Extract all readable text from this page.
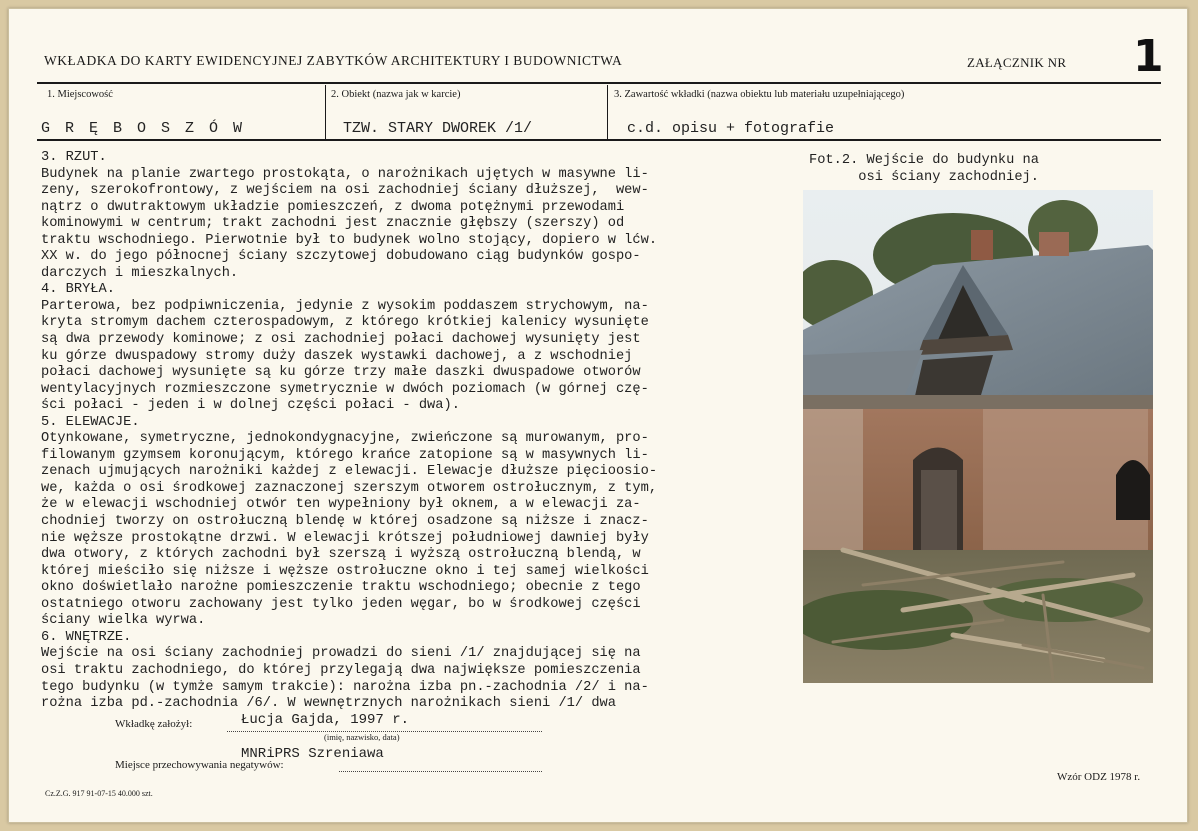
WKŁADKA DO KARTY EWIDENCYJNEJ ZABYTKÓW ARCHITEKTURY I BUDOWNICTWA	ZAŁĄCZNIK NR 1
1. Miejscowość
G R Ę B O S Z Ó W
2. Obiekt (nazwa jak w karcie)
TZW. STARY DWOREK /1/
3. Zawartość wkładki (nazwa obiektu lub materiału uzupełniającego)
c.d. opisu + fotografie
3. RZUT.
Budynek na planie zwartego prostokąta, o narożnikach ujętych w masywne li-
zeny, szerokofrontowy, z wejściem na osi zachodniej ściany dłuższej,  wew-
nątrz o dwutraktowym układzie pomieszczeń, z dwoma potężnymi przewodami
kominowymi w centrum; trakt zachodni jest znacznie głębszy (szerszy) od
traktu wschodniego. Pierwotnie był to budynek wolno stojący, dopiero w lćw.
XX w. do jego północnej ściany szczytowej dobudowano ciąg budynków gospo-
darczych i mieszkalnych.
4. BRYŁA.
Parterowa, bez podpiwniczenia, jedynie z wysokim poddaszem strychowym, na-
kryta stromym dachem czterospadowym, z którego krótkiej kalenicy wysunięte
są dwa przewody kominowe; z osi zachodniej połaci dachowej wysunięty jest
ku górze dwuspadowy stromy duży daszek wystawki dachowej, a z wschodniej
połaci dachowej wysunięte są ku górze trzy małe daszki dwuspadowe otworów
wentylacyjnych rozmieszczone symetrycznie w dwóch poziomach (w górnej czę-
ści połaci - jeden i w dolnej części połaci - dwa).
5. ELEWACJE.
Otynkowane, symetryczne, jednokondygnacyjne, zwieńczone są murowanym, pro-
filowanym gzymsem koronującym, którego krańce zatopione są w masywnych li-
zenach ujmujących narożniki każdej z elewacji. Elewacje dłuższe pięcioosio-
we, każda o osi środkowej zaznaczonej szerszym otworem ostrołucznym, z tym,
że w elewacji wschodniej otwór ten wypełniony był oknem, a w elewacji za-
chodniej tworzy on ostrołuczną blendę w której osadzone są niższe i znacz-
nie węższe prostokątne drzwi. W elewacji krótszej południowej dawniej były
dwa otwory, z których zachodni był szerszą i wyższą ostrołuczną blendą, w
której mieściło się niższe i węższe ostrołuczne okno i tej samej wielkości
okno doświetlało narożne pomieszczenie traktu wschodniego; obecnie z tego
ostatniego otworu zachowany jest tylko jeden węgar, bo w środkowej części
ściany wielka wyrwa.
6. WNĘTRZE.
Wejście na osi ściany zachodniej prowadzi do sieni /1/ znajdującej się na
osi traktu zachodniego, do której przylegają dwa największe pomieszczenia
tego budynku (w tymże samym trakcie): narożna izba pn.-zachodnia /2/ i na-
rożna izba pd.-zachodnia /6/. W wewnętrznych narożnikach sieni /1/ dwa
Fot.2. Wejście do budynku na
osi ściany zachodniej.
Wkładkę założył:	Łucja Gajda, 1997 r.
(imię, nazwisko, data)
MNRiPRS Szreniawa
Miejsce przechowywania negatywów:
Cz.Z.G. 917 91-07-15 40.000 szt.
Wzór ODZ 1978 r.
